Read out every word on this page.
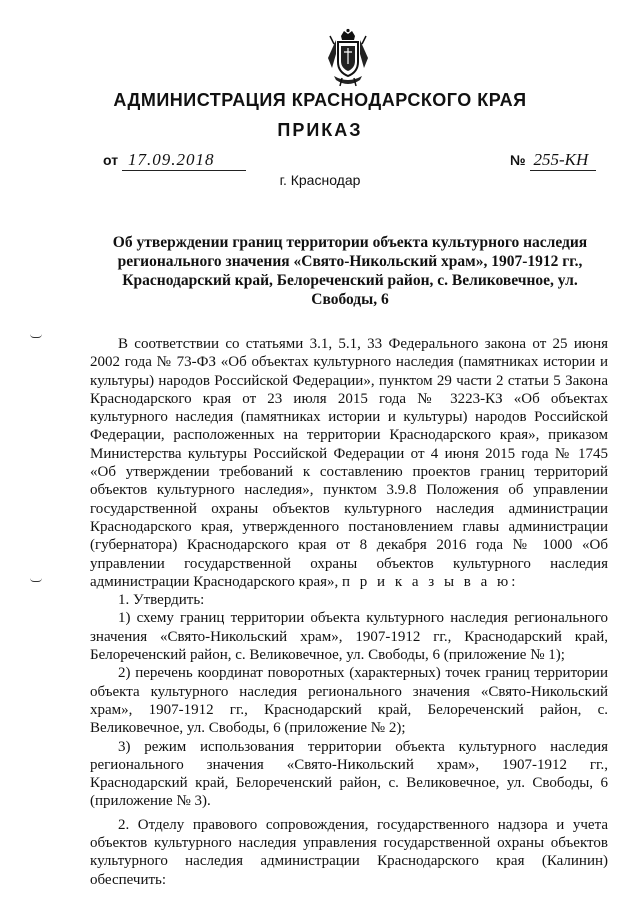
АДМИНИСТРАЦИЯ КРАСНОДАРСКОГО КРАЯ
ПРИКАЗ
от 17.09.2018	№ 255-КН
г. Краснодар
Об утверждении границ территории объекта культурного наследия регионального значения «Свято-Никольский храм», 1907-1912 гг., Краснодарский край, Белореченский район, с. Великовечное, ул. Свободы, 6

В соответствии со статьями 3.1, 5.1, 33 Федерального закона от 25 июня 2002 года № 73-ФЗ «Об объектах культурного наследия (памятниках истории и культуры) народов Российской Федерации», пунктом 29 части 2 статьи 5 Закона Краснодарского края от 23 июля 2015 года № 3223-КЗ «Об объектах культурного наследия (памятниках истории и культуры) народов Российской Федерации, расположенных на территории Краснодарского края», приказом Министерства культуры Российской Федерации от 4 июня 2015 года № 1745 «Об утверждении требований к составлению проектов границ территорий объектов культурного наследия», пунктом 3.9.8 Положения об управлении государственной охраны объектов культурного наследия администрации Краснодарского края, утвержденного постановлением главы администрации (губернатора) Краснодарского края от 8 декабря 2016 года № 1000 «Об управлении государственной охраны объектов культурного наследия администрации Краснодарского края», п р и к а з ы в а ю:

1. Утвердить:

1) схему границ территории объекта культурного наследия регионального значения «Свято-Никольский храм», 1907-1912 гг., Краснодарский край, Белореченский район, с. Великовечное, ул. Свободы, 6 (приложение № 1);

2) перечень координат поворотных (характерных) точек границ территории объекта культурного наследия регионального значения «Свято-Никольский храм», 1907-1912 гг., Краснодарский край, Белореченский район, с. Великовечное, ул. Свободы, 6 (приложение № 2);

3) режим использования территории объекта культурного наследия регионального значения «Свято-Никольский храм», 1907-1912 гг., Краснодарский край, Белореченский район, с. Великовечное, ул. Свободы, 6 (приложение № 3).

2. Отделу правового сопровождения, государственного надзора и учета объектов культурного наследия управления государственной охраны объектов культурного наследия администрации Краснодарского края (Калинин) обеспечить:
